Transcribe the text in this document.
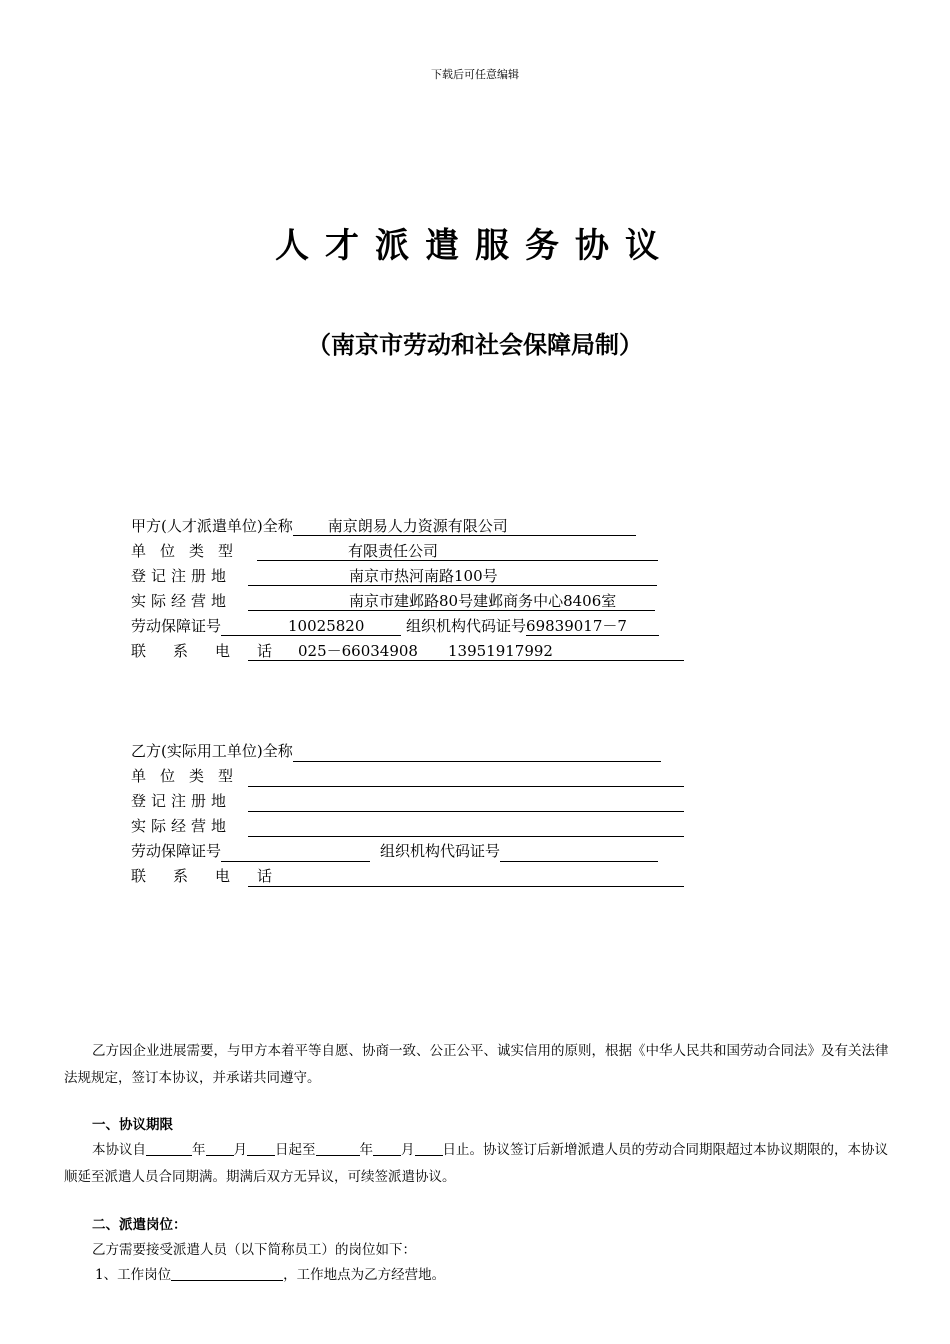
下载后可任意编辑
人才派遣服务协议
（南京市劳动和社会保障局制）
甲方(人才派遣单位)全称 南京朗易人力资源有限公司
单位类型	有限责任公司
登记注册地	南京市热河南路100号
实际经营地	南京市建邺路80号建邺商务中心8406室
劳动保障证号	10025820	组织机构代码证号69839017－7
联系电话025－66034908　　13951917992
乙方(实际用工单位)全称
单位类型
登记注册地
实际经营地
劳动保障证号	组织机构代码证号
联系电话
乙方因企业进展需要，与甲方本着平等自愿、协商一致、公正公平、诚实信用的原则，根据《中华人民共和国劳动合同法》及有关法律法规规定，签订本协议，并承诺共同遵守。
一、协议期限
本协议自	年 月 日起至	年 月 日止。协议签订后新增派遣人员的劳动合同期限超过本协议期限的，本协议顺延至派遣人员合同期满。期满后双方无异议，可续签派遣协议。
二、派遣岗位：
乙方需要接受派遣人员（以下简称员工）的岗位如下：
1、工作岗位	，工作地点为乙方经营地。
